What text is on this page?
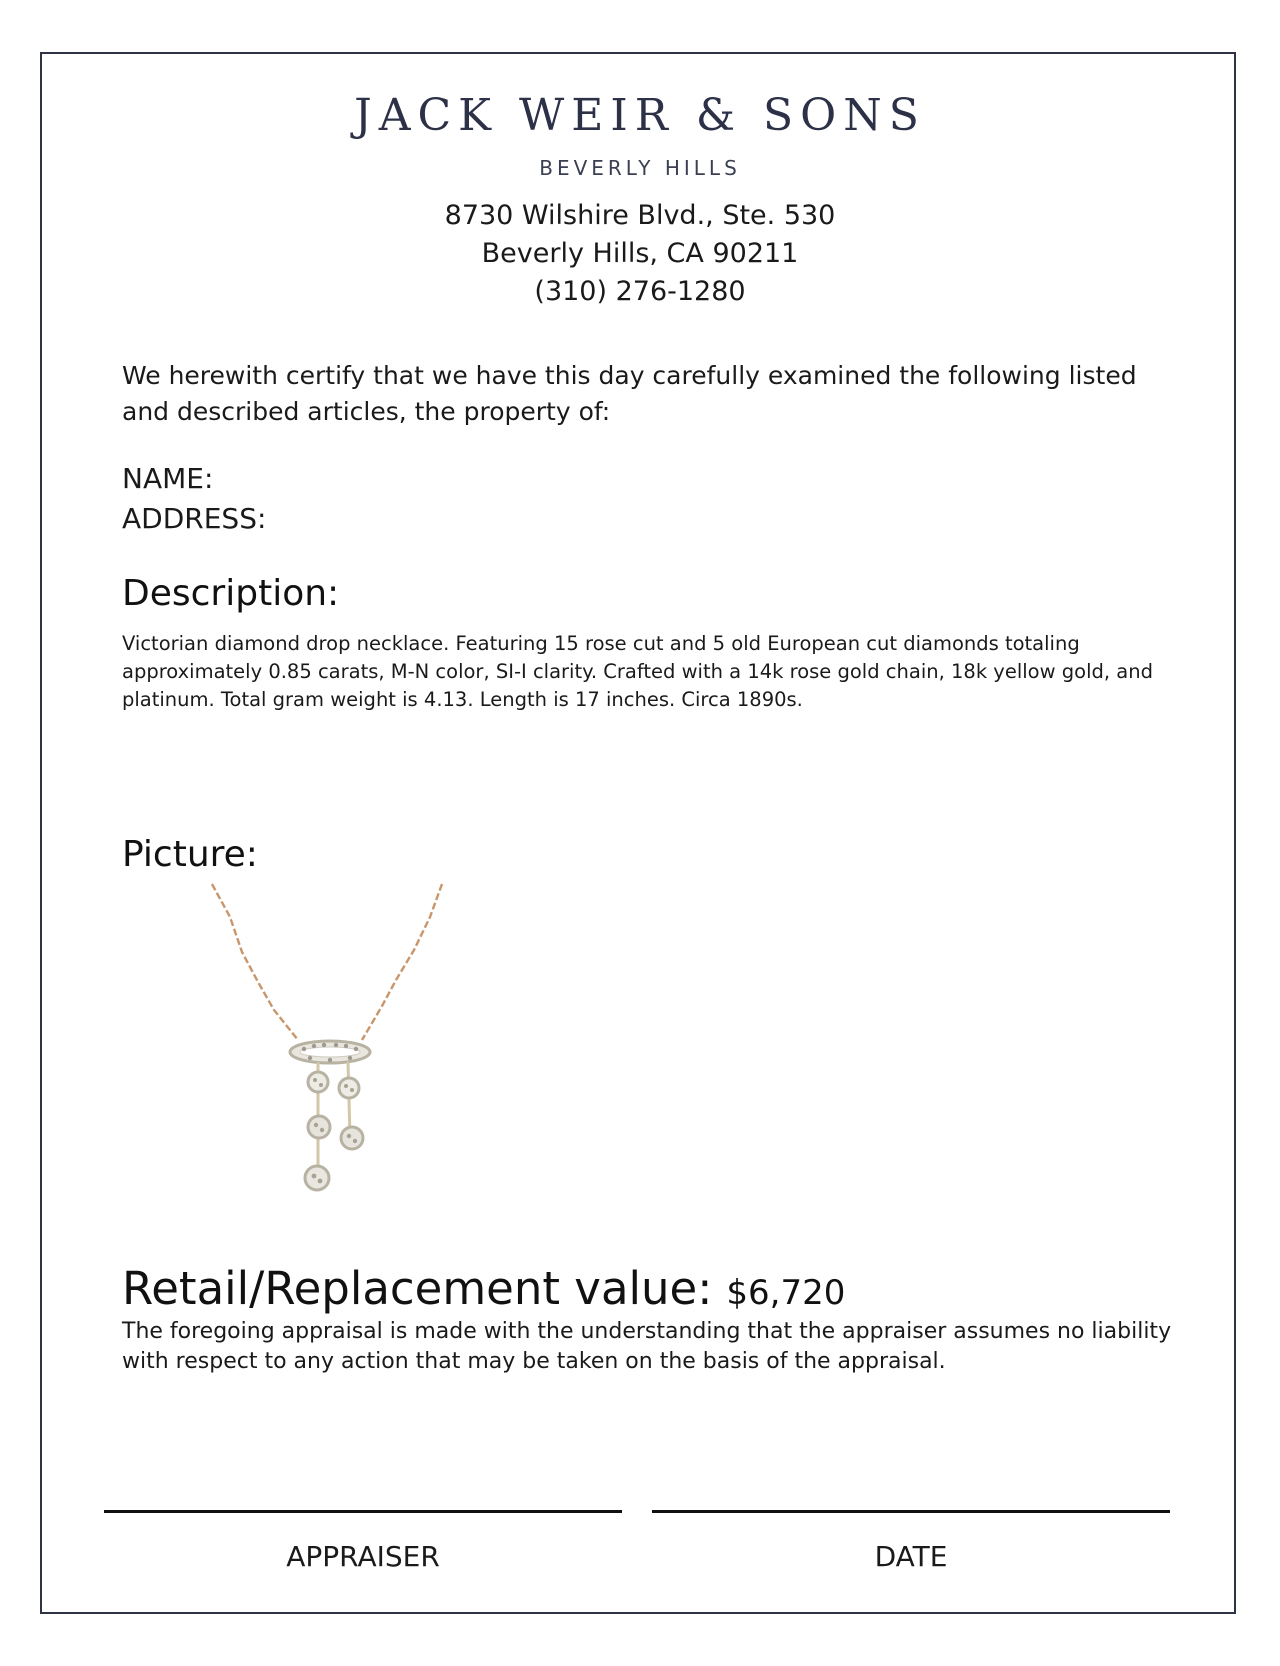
JACK WEIR & SONS
BEVERLY HILLS
8730 Wilshire Blvd., Ste. 530
Beverly Hills, CA 90211
(310) 276-1280
We herewith certify that we have this day carefully examined the following listed and described articles, the property of:
NAME:
ADDRESS:
Description:
Victorian diamond drop necklace. Featuring 15 rose cut and 5 old European cut diamonds totaling approximately 0.85 carats, M-N color, SI-I clarity. Crafted with a 14k rose gold chain, 18k yellow gold, and platinum. Total gram weight is 4.13. Length is 17 inches. Circa 1890s.
Picture:
Retail/Replacement value: $6,720
The foregoing appraisal is made with the understanding that the appraiser assumes no liability with respect to any action that may be taken on the basis of the appraisal.
APPRAISER	DATE
